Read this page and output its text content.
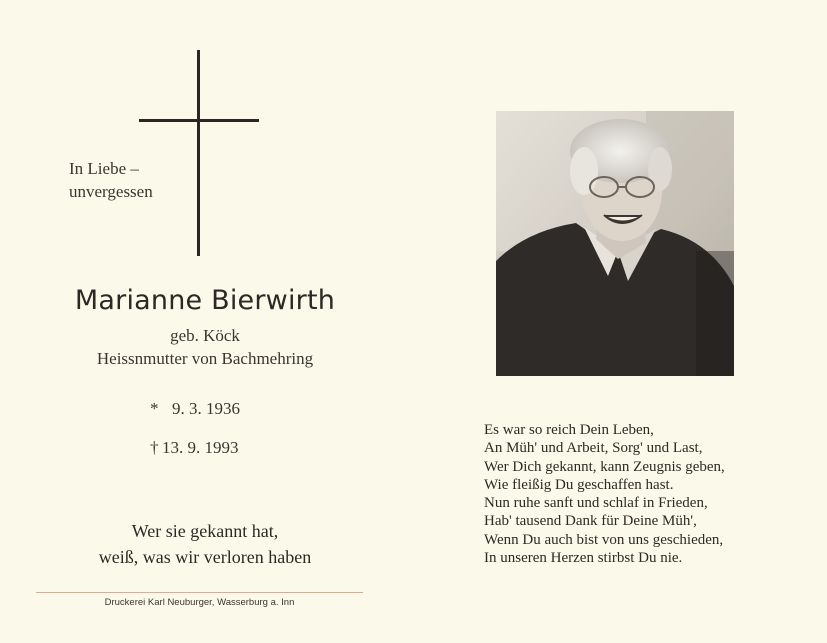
In Liebe –
unvergessen
Marianne Bierwirth
geb. Köck
Heissnmutter von Bachmehring
* 9. 3. 1936
† 13. 9. 1993
Wer sie gekannt hat,
weiß, was wir verloren haben
Druckerei Karl Neuburger, Wasserburg a. Inn
Es war so reich Dein Leben,
An Müh' und Arbeit, Sorg' und Last,
Wer Dich gekannt, kann Zeugnis geben,
Wie fleißig Du geschaffen hast.
Nun ruhe sanft und schlaf in Frieden,
Hab' tausend Dank für Deine Müh',
Wenn Du auch bist von uns geschieden,
In unseren Herzen stirbst Du nie.
